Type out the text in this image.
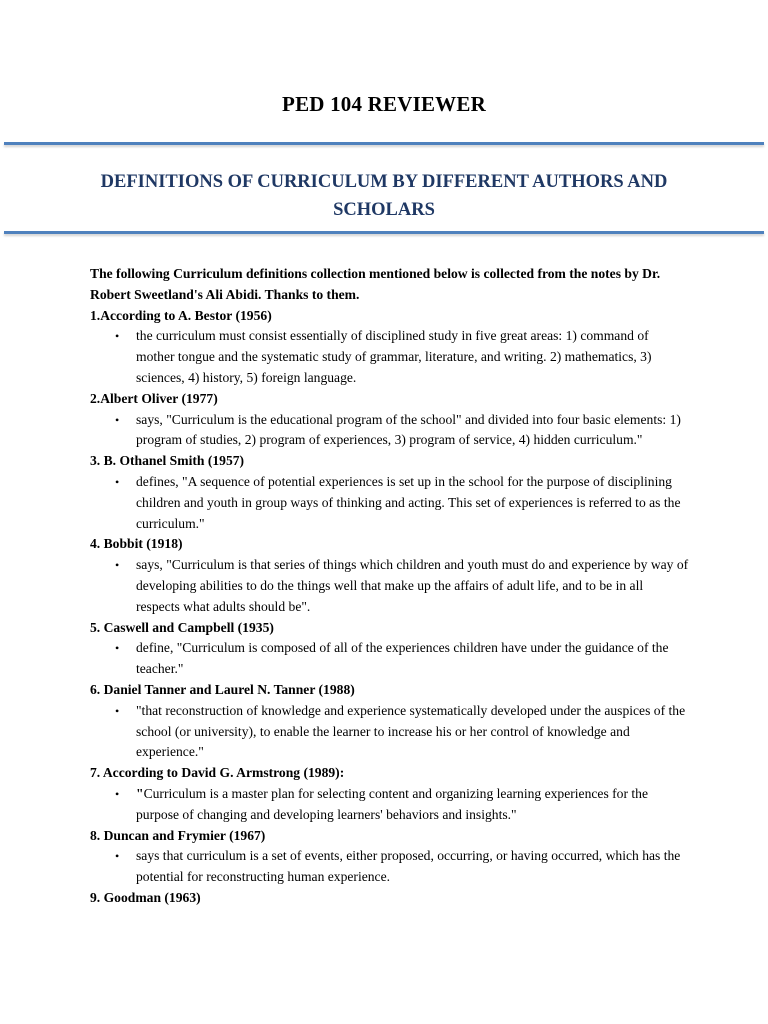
PED 104 REVIEWER
DEFINITIONS OF CURRICULUM BY DIFFERENT AUTHORS AND SCHOLARS
The following Curriculum definitions collection mentioned below is collected from the notes by Dr. Robert Sweetland's Ali Abidi. Thanks to them.
1.According to A. Bestor (1956)
• the curriculum must consist essentially of disciplined study in five great areas: 1) command of mother tongue and the systematic study of grammar, literature, and writing. 2) mathematics, 3) sciences, 4) history, 5) foreign language.
2.Albert Oliver (1977)
• says, "Curriculum is the educational program of the school" and divided into four basic elements: 1) program of studies, 2) program of experiences, 3) program of service, 4) hidden curriculum."
3. B. Othanel Smith (1957)
• defines, "A sequence of potential experiences is set up in the school for the purpose of disciplining children and youth in group ways of thinking and acting. This set of experiences is referred to as the curriculum."
4. Bobbit (1918)
• says, "Curriculum is that series of things which children and youth must do and experience by way of developing abilities to do the things well that make up the affairs of adult life, and to be in all respects what adults should be".
5. Caswell and Campbell (1935)
• define, "Curriculum is composed of all of the experiences children have under the guidance of the teacher."
6. Daniel Tanner and Laurel N. Tanner (1988)
• "that reconstruction of knowledge and experience systematically developed under the auspices of the school (or university), to enable the learner to increase his or her control of knowledge and experience."
7. According to David G. Armstrong (1989):
• "Curriculum is a master plan for selecting content and organizing learning experiences for the purpose of changing and developing learners' behaviors and insights."
8. Duncan and Frymier (1967)
• says that curriculum is a set of events, either proposed, occurring, or having occurred, which has the potential for reconstructing human experience.
9. Goodman (1963)
